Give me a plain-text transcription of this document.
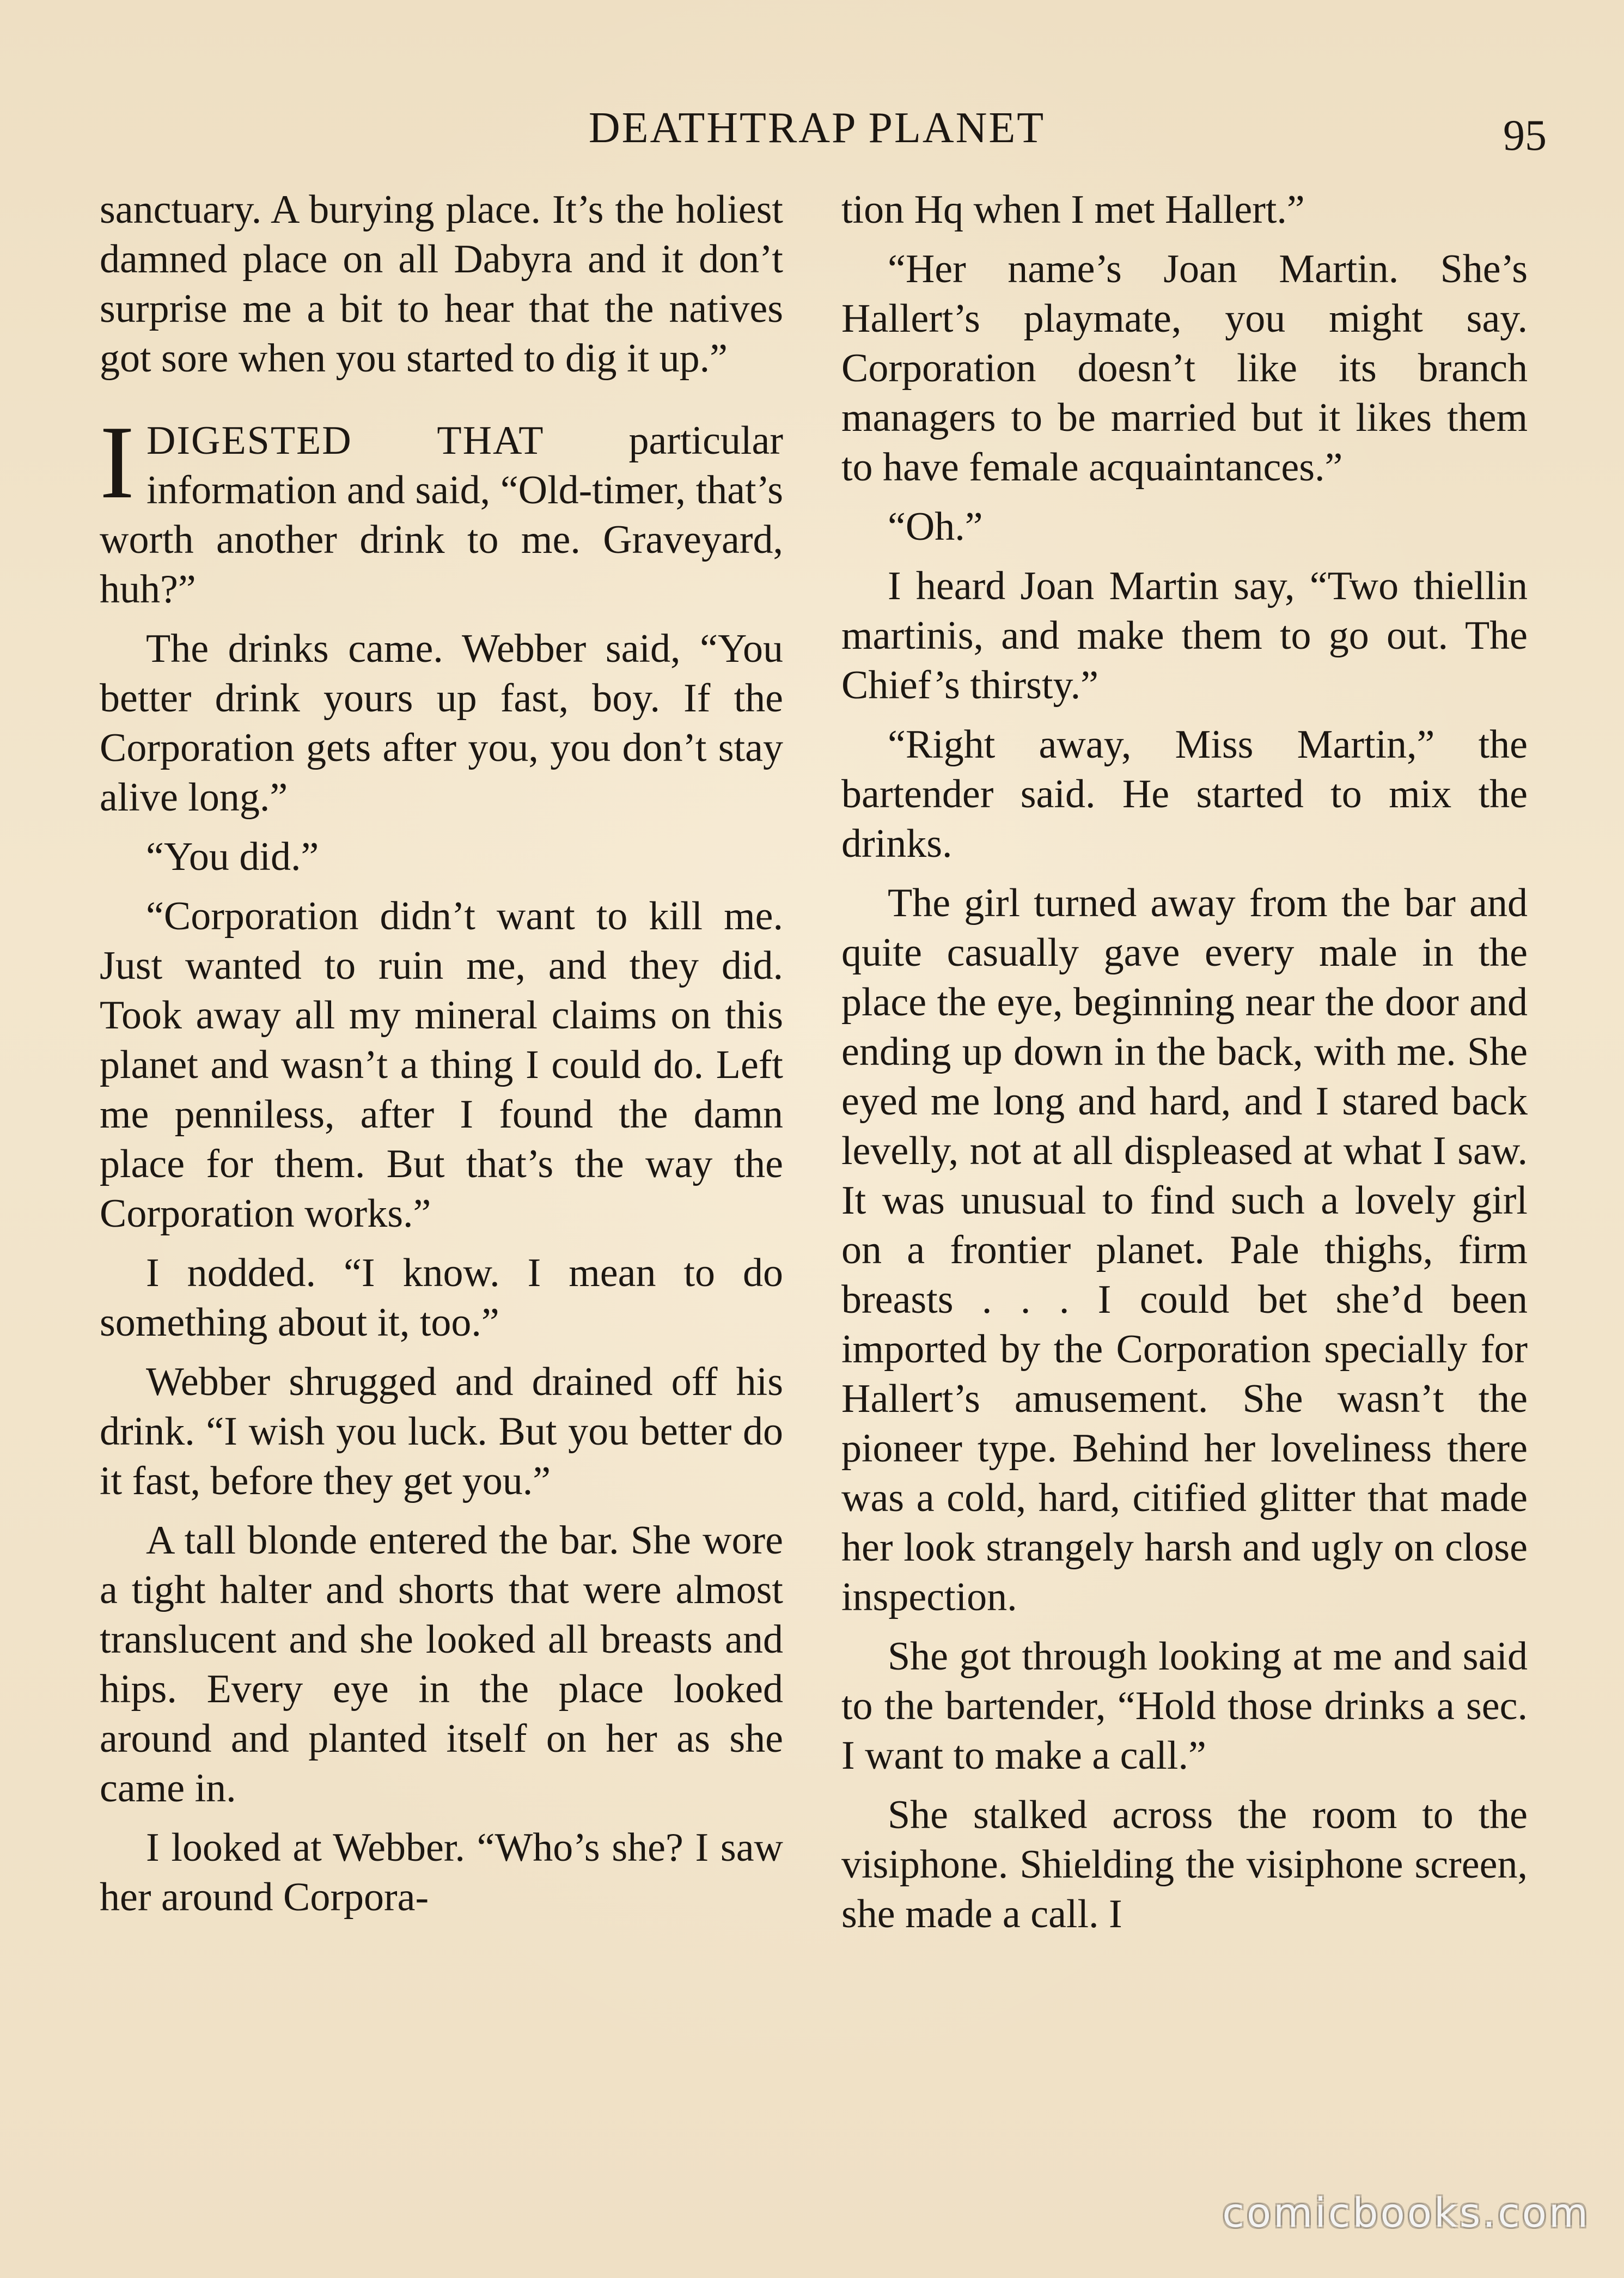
DEATHTRAP PLANET	95

sanctuary. A burying place. It’s the holiest damned place on all Dabyra and it don’t surprise me a bit to hear that the natives got sore when you started to dig it up.”

IDIGESTED THAT particular information and said, “Old-timer, that’s worth another drink to me. Graveyard, huh?”

The drinks came. Webber said, “You better drink yours up fast, boy. If the Corporation gets after you, you don’t stay alive long.”

“You did.”

“Corporation didn’t want to kill me. Just wanted to ruin me, and they did. Took away all my mineral claims on this planet and wasn’t a thing I could do. Left me penniless, after I found the damn place for them. But that’s the way the Corporation works.”

I nodded. “I know. I mean to do something about it, too.”

Webber shrugged and drained off his drink. “I wish you luck. But you better do it fast, before they get you.”

A tall blonde entered the bar. She wore a tight halter and shorts that were almost translucent and she looked all breasts and hips. Every eye in the place looked around and planted itself on her as she came in.

I looked at Webber. “Who’s she? I saw her around Corpora-

tion Hq when I met Hallert.”

“Her name’s Joan Martin. She’s Hallert’s playmate, you might say. Corporation doesn’t like its branch managers to be married but it likes them to have female acquaintances.”

“Oh.”

I heard Joan Martin say, “Two thiellin martinis, and make them to go out. The Chief’s thirsty.”

“Right away, Miss Martin,” the bartender said. He started to mix the drinks.

The girl turned away from the bar and quite casually gave every male in the place the eye, beginning near the door and ending up down in the back, with me. She eyed me long and hard, and I stared back levelly, not at all displeased at what I saw. It was unusual to find such a lovely girl on a frontier planet. Pale thighs, firm breasts . . . I could bet she’d been imported by the Corporation specially for Hallert’s amusement. She wasn’t the pioneer type. Behind her loveliness there was a cold, hard, citified glitter that made her look strangely harsh and ugly on close inspection.

She got through looking at me and said to the bartender, “Hold those drinks a sec. I want to make a call.”

She stalked across the room to the visiphone. Shielding the visiphone screen, she made a call. I

comicbooks.com
